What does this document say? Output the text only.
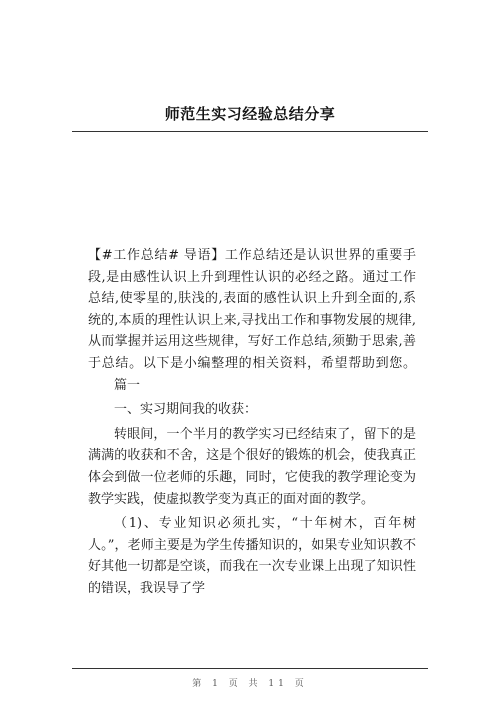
师范生实习经验总结分享

【#工作总结# 导语】工作总结还是认识世界的重要手段,是由感性认识上升到理性认识的必经之路。通过工作总结,使零星的,肤浅的,表面的感性认识上升到全面的,系统的,本质的理性认识上来,寻找出工作和事物发展的规律,从而掌握并运用这些规律，写好工作总结,须勤于思索,善于总结。以下是小编整理的相关资料，希望帮助到您。篇一

一、实习期间我的收获：

转眼间，一个半月的教学实习已经结束了，留下的是满满的收获和不舍，这是个很好的锻炼的机会，使我真正体会到做一位老师的乐趣，同时，它使我的教学理论变为教学实践，使虚拟教学变为真正的面对面的教学。

（1)、专业知识必须扎实，“十年树木，百年树人。”，老师主要是为学生传播知识的，如果专业知识教不好其他一切都是空谈，而我在一次专业课上出现了知识性的错误，我误导了学

第 1 页 共 11 页
